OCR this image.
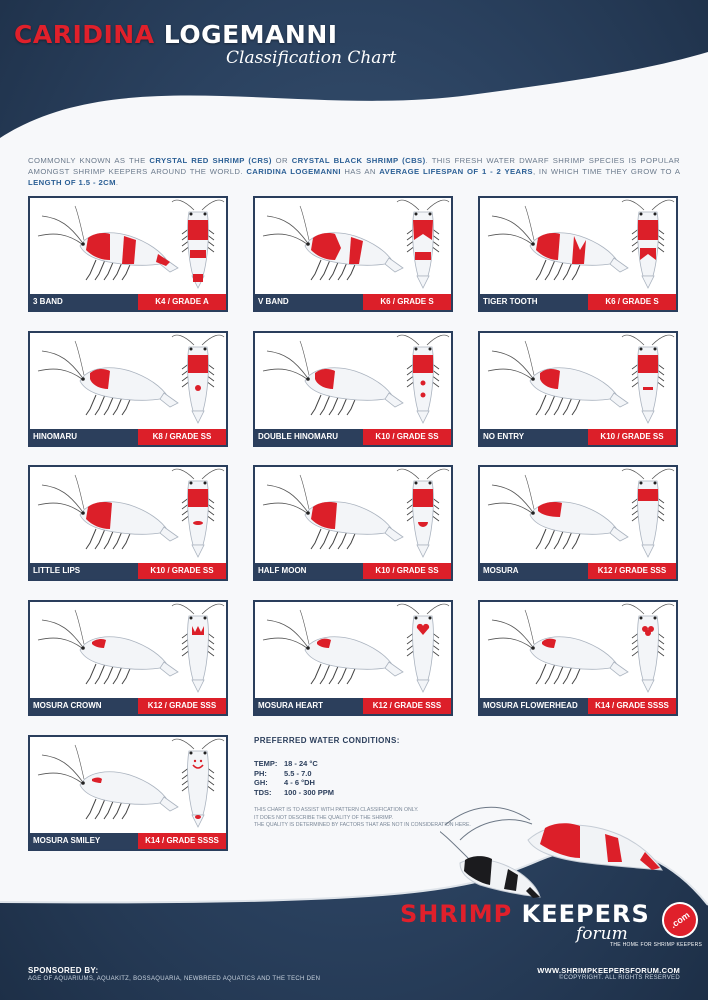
CARIDINA LOGEMANNI
Classification Chart
COMMONLY KNOWN AS THE CRYSTAL RED SHRIMP (CRS) OR CRYSTAL BLACK SHRIMP (CBS). THIS FRESH WATER DWARF SHRIMP SPECIES IS POPULAR AMONGST SHRIMP KEEPERS AROUND THE WORLD. CARIDINA LOGEMANNI HAS AN AVERAGE LIFESPAN OF 1 - 2 YEARS, IN WHICH TIME THEY GROW TO A LENGTH OF 1.5 - 2CM.
3 BAND	K4 / GRADE A	V BAND	K6 / GRADE S	TIGER TOOTH	K6 / GRADE S
HINOMARU	K8 / GRADE SS	DOUBLE HINOMARU	K10 / GRADE SS	NO ENTRY	K10 / GRADE SS
LITTLE LIPS	K10 / GRADE SS	HALF MOON	K10 / GRADE SS	MOSURA	K12 / GRADE SSS
MOSURA CROWN	K12 / GRADE SSS	MOSURA HEART	K12 / GRADE SSS	MOSURA FLOWERHEAD	K14 / GRADE SSSS
MOSURA SMILEY	K14 / GRADE SSSS
PREFERRED WATER CONDITIONS:
TEMP: 18 - 24 °C
PH:	5.5 - 7.0
GH:	4 - 6 °DH
TDS:	100 - 300 PPM
THIS CHART IS TO ASSIST WITH PATTERN CLASSIFICATION ONLY.
IT DOES NOT DESCRIBE THE QUALITY OF THE SHRIMP.
THE QUALITY IS DETERMINED BY FACTORS THAT ARE NOT IN CONSIDERATION HERE.
SHRIMP KEEPERS
forum
.com
THE HOME FOR SHRIMP KEEPERS
SPONSORED BY:
AGE OF AQUARIUMS, AQUAKITZ, BOSSAQUARIA, NEWBREED AQUATICS AND THE TECH DEN
WWW.SHRIMPKEEPERSFORUM.COM
©COPYRIGHT. ALL RIGHTS RESERVED
